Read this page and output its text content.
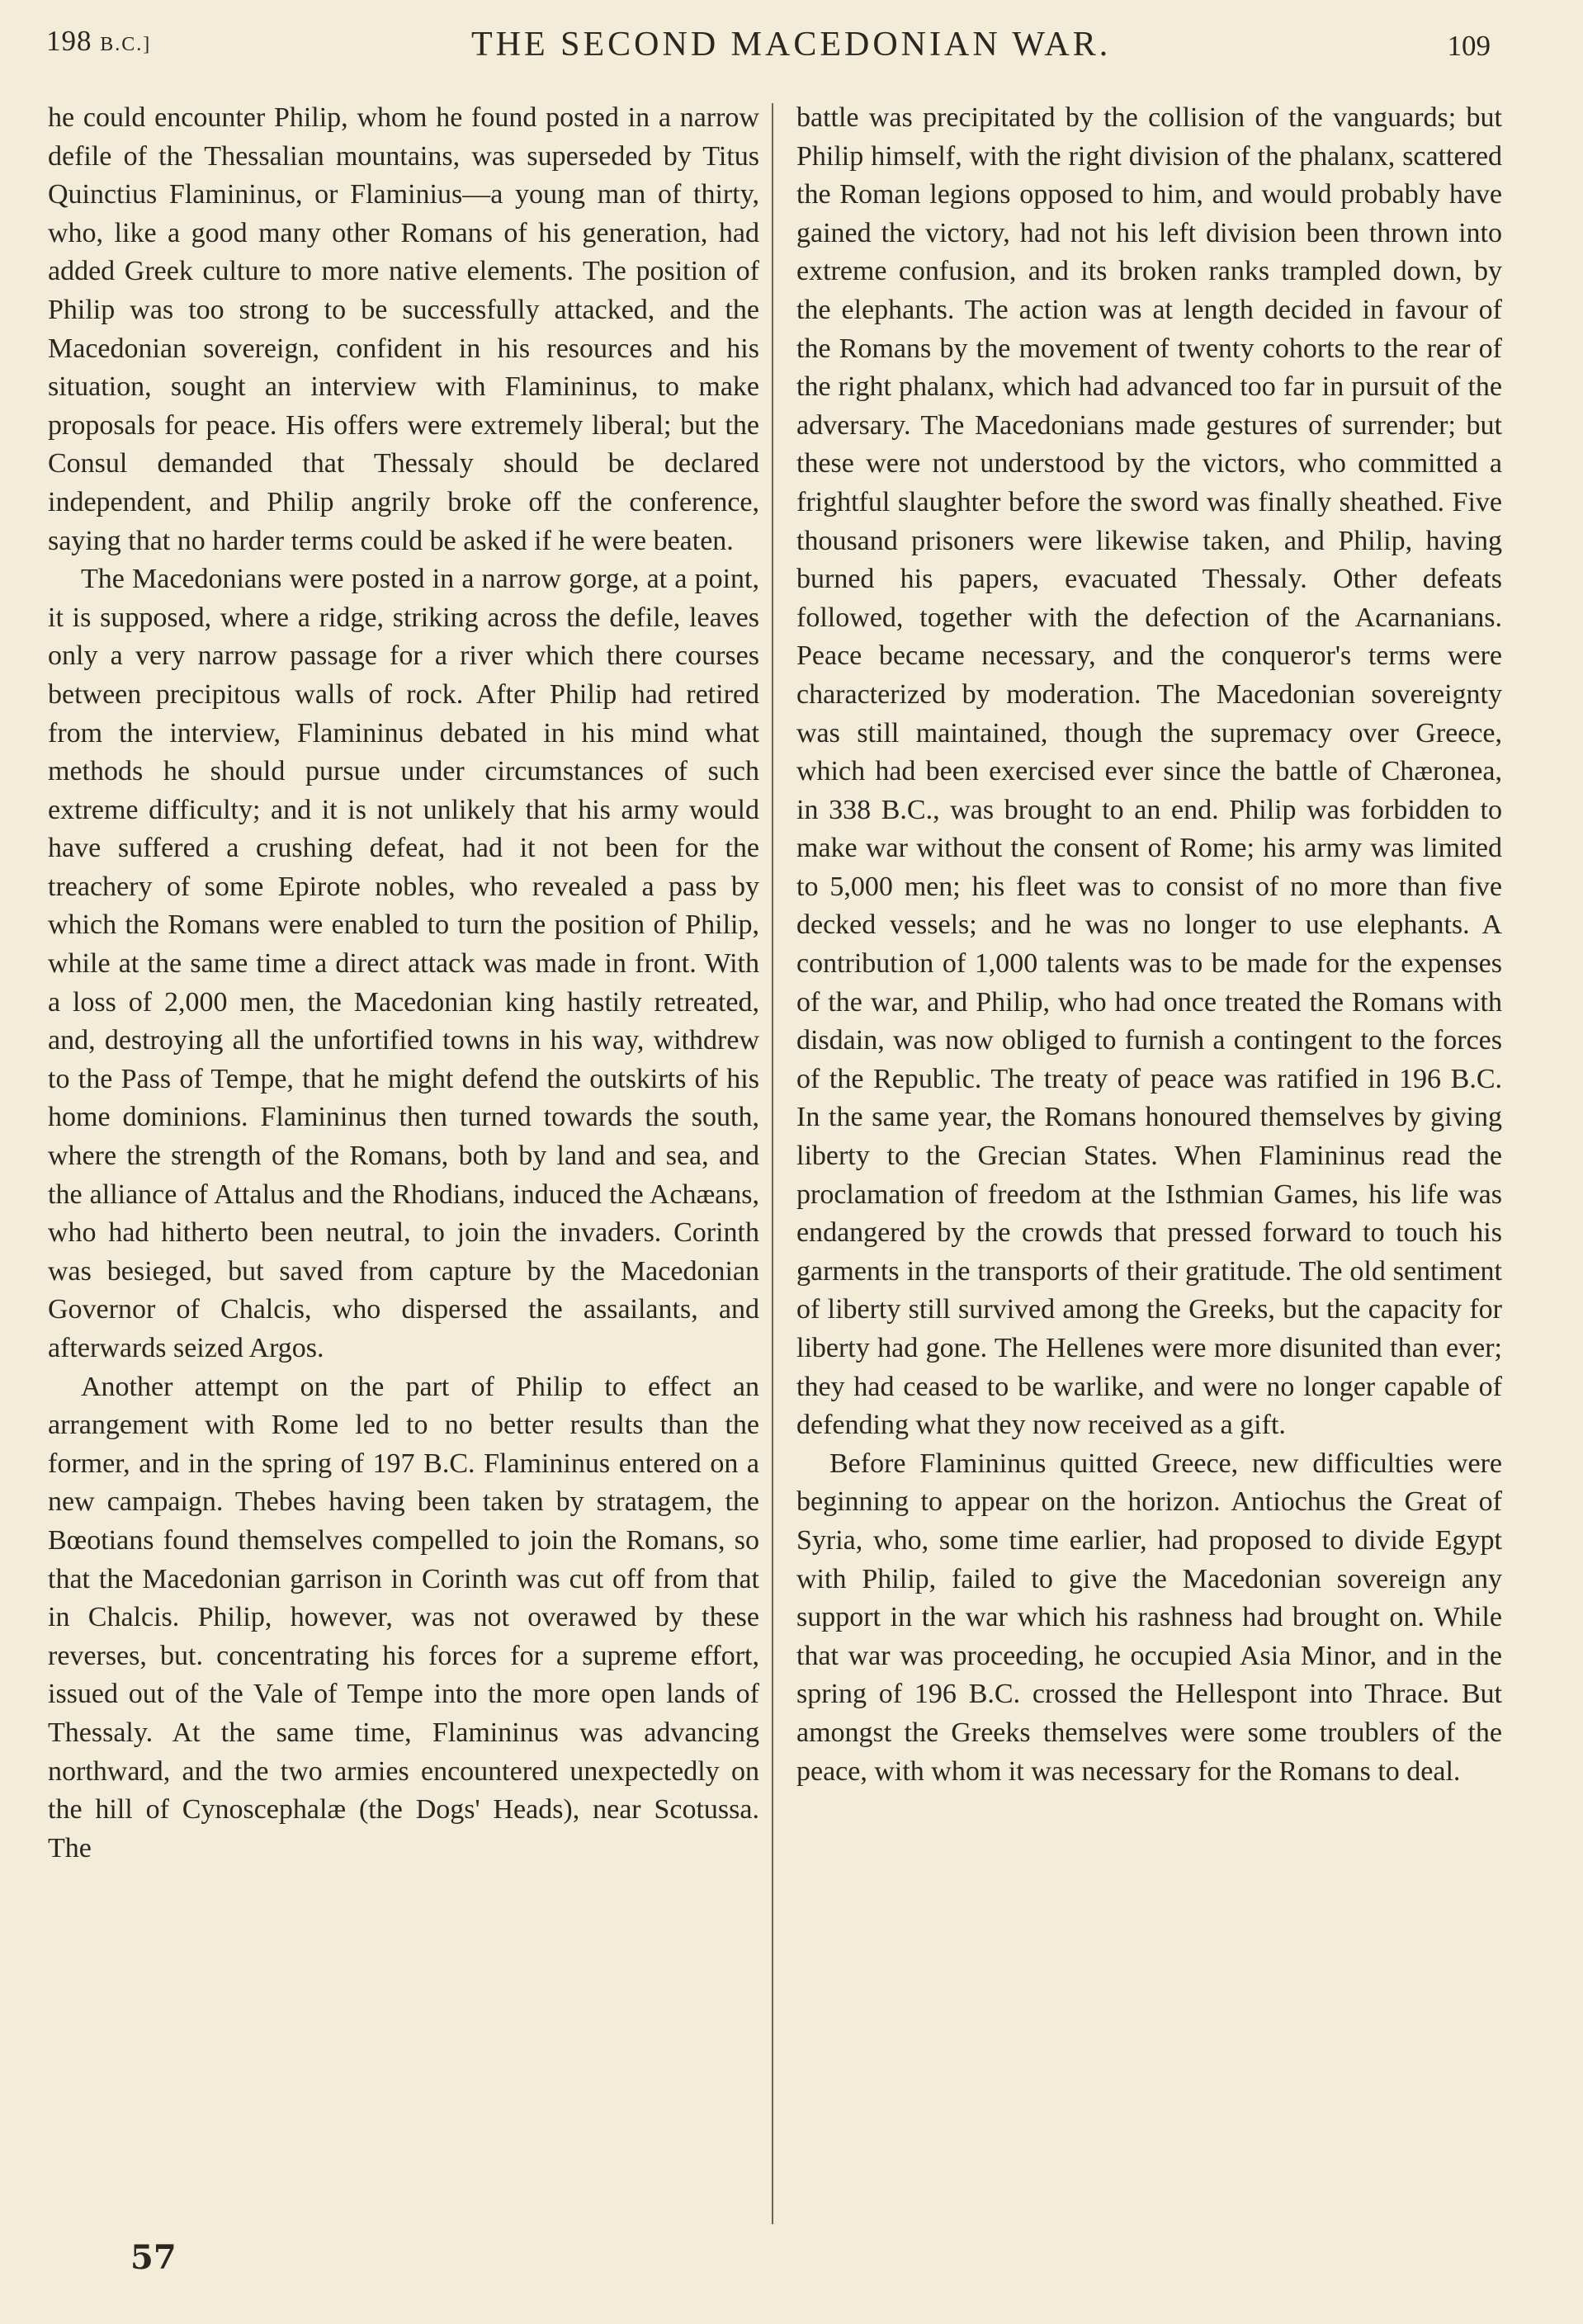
198 B.C.]	THE SECOND MACEDONIAN WAR.	109

he could encounter Philip, whom he found posted in a narrow defile of the Thessalian mountains, was superseded by Titus Quinctius Flamininus, or Flaminius—a young man of thirty, who, like a good many other Romans of his generation, had added Greek culture to more native elements. The position of Philip was too strong to be successfully attacked, and the Macedonian sovereign, confident in his resources and his situation, sought an interview with Flamininus, to make proposals for peace. His offers were extremely liberal; but the Consul demanded that Thessaly should be declared independent, and Philip angrily broke off the conference, saying that no harder terms could be asked if he were beaten.

The Macedonians were posted in a narrow gorge, at a point, it is supposed, where a ridge, striking across the defile, leaves only a very narrow passage for a river which there courses between precipitous walls of rock. After Philip had retired from the interview, Flamininus debated in his mind what methods he should pursue under circumstances of such extreme difficulty; and it is not unlikely that his army would have suffered a crushing defeat, had it not been for the treachery of some Epirote nobles, who revealed a pass by which the Romans were enabled to turn the position of Philip, while at the same time a direct attack was made in front. With a loss of 2,000 men, the Macedonian king hastily retreated, and, destroying all the unfortified towns in his way, withdrew to the Pass of Tempe, that he might defend the outskirts of his home dominions. Flamininus then turned towards the south, where the strength of the Romans, both by land and sea, and the alliance of Attalus and the Rhodians, induced the Achæans, who had hitherto been neutral, to join the invaders. Corinth was besieged, but saved from capture by the Macedonian Governor of Chalcis, who dispersed the assailants, and afterwards seized Argos.

Another attempt on the part of Philip to effect an arrangement with Rome led to no better results than the former, and in the spring of 197 B.C. Flamininus entered on a new campaign. Thebes having been taken by stratagem, the Bœotians found themselves compelled to join the Romans, so that the Macedonian garrison in Corinth was cut off from that in Chalcis. Philip, however, was not overawed by these reverses, but. concentrating his forces for a supreme effort, issued out of the Vale of Tempe into the more open lands of Thessaly. At the same time, Flamininus was advancing northward, and the two armies encountered unexpectedly on the hill of Cynoscephalæ (the Dogs' Heads), near Scotussa. The

battle was precipitated by the collision of the vanguards; but Philip himself, with the right division of the phalanx, scattered the Roman legions opposed to him, and would probably have gained the victory, had not his left division been thrown into extreme confusion, and its broken ranks trampled down, by the elephants. The action was at length decided in favour of the Romans by the movement of twenty cohorts to the rear of the right phalanx, which had advanced too far in pursuit of the adversary. The Macedonians made gestures of surrender; but these were not understood by the victors, who committed a frightful slaughter before the sword was finally sheathed. Five thousand prisoners were likewise taken, and Philip, having burned his papers, evacuated Thessaly. Other defeats followed, together with the defection of the Acarnanians. Peace became necessary, and the conqueror's terms were characterized by moderation. The Macedonian sovereignty was still maintained, though the supremacy over Greece, which had been exercised ever since the battle of Chæronea, in 338 B.C., was brought to an end. Philip was forbidden to make war without the consent of Rome; his army was limited to 5,000 men; his fleet was to consist of no more than five decked vessels; and he was no longer to use elephants. A contribution of 1,000 talents was to be made for the expenses of the war, and Philip, who had once treated the Romans with disdain, was now obliged to furnish a contingent to the forces of the Republic. The treaty of peace was ratified in 196 B.C. In the same year, the Romans honoured themselves by giving liberty to the Grecian States. When Flamininus read the proclamation of freedom at the Isthmian Games, his life was endangered by the crowds that pressed forward to touch his garments in the transports of their gratitude. The old sentiment of liberty still survived among the Greeks, but the capacity for liberty had gone. The Hellenes were more disunited than ever; they had ceased to be warlike, and were no longer capable of defending what they now received as a gift.

Before Flamininus quitted Greece, new difficulties were beginning to appear on the horizon. Antiochus the Great of Syria, who, some time earlier, had proposed to divide Egypt with Philip, failed to give the Macedonian sovereign any support in the war which his rashness had brought on. While that war was proceeding, he occupied Asia Minor, and in the spring of 196 B.C. crossed the Hellespont into Thrace. But amongst the Greeks themselves were some troublers of the peace, with whom it was necessary for the Romans to deal.

57
